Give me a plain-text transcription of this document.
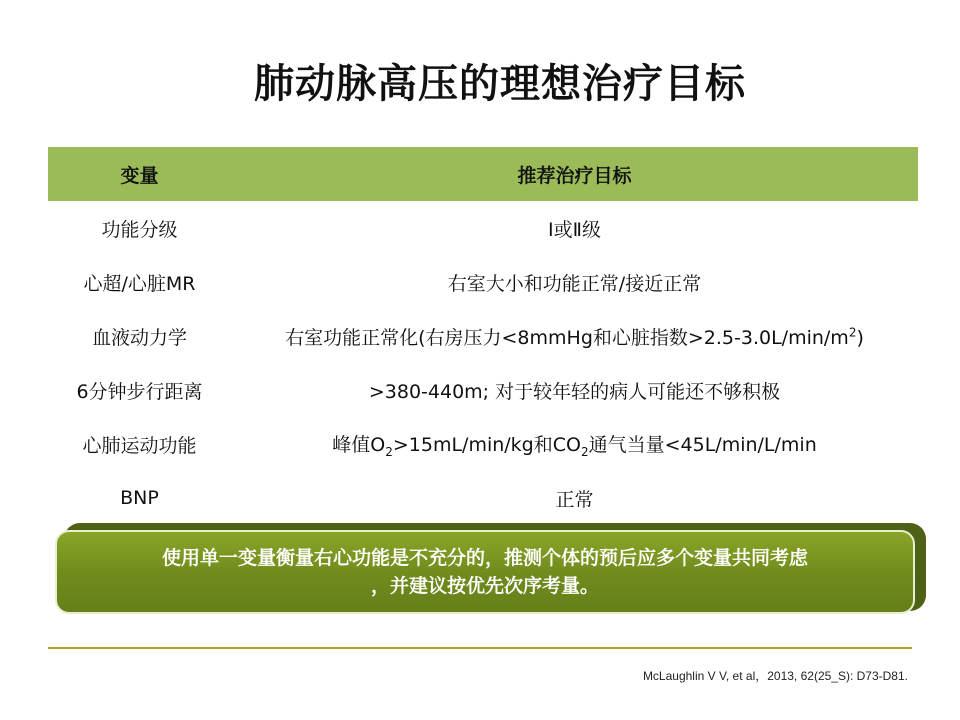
肺动脉高压的理想治疗目标
变量	推荐治疗目标
功能分级	Ⅰ或Ⅱ级
心超/心脏MR	右室大小和功能正常/接近正常
血液动力学	右室功能正常化(右房压力<8mmHg和心脏指数$>2.5-3.0L/\min/m^2$)
6分钟步行距离	>380-440m; 对于较年轻的病人可能还不够积极
心肺运动功能	峰值$O_2>15mL/\min/kg$和$CO_2$通气当量<45L/min/L/min
BNP	正常
使用单一变量衡量右心功能是不充分的，推测个体的预后应多个变量共同考虑
，并建议按优先次序考量。
McLaughlin V V, et al，2013, 62(25_S): D73-D81.
